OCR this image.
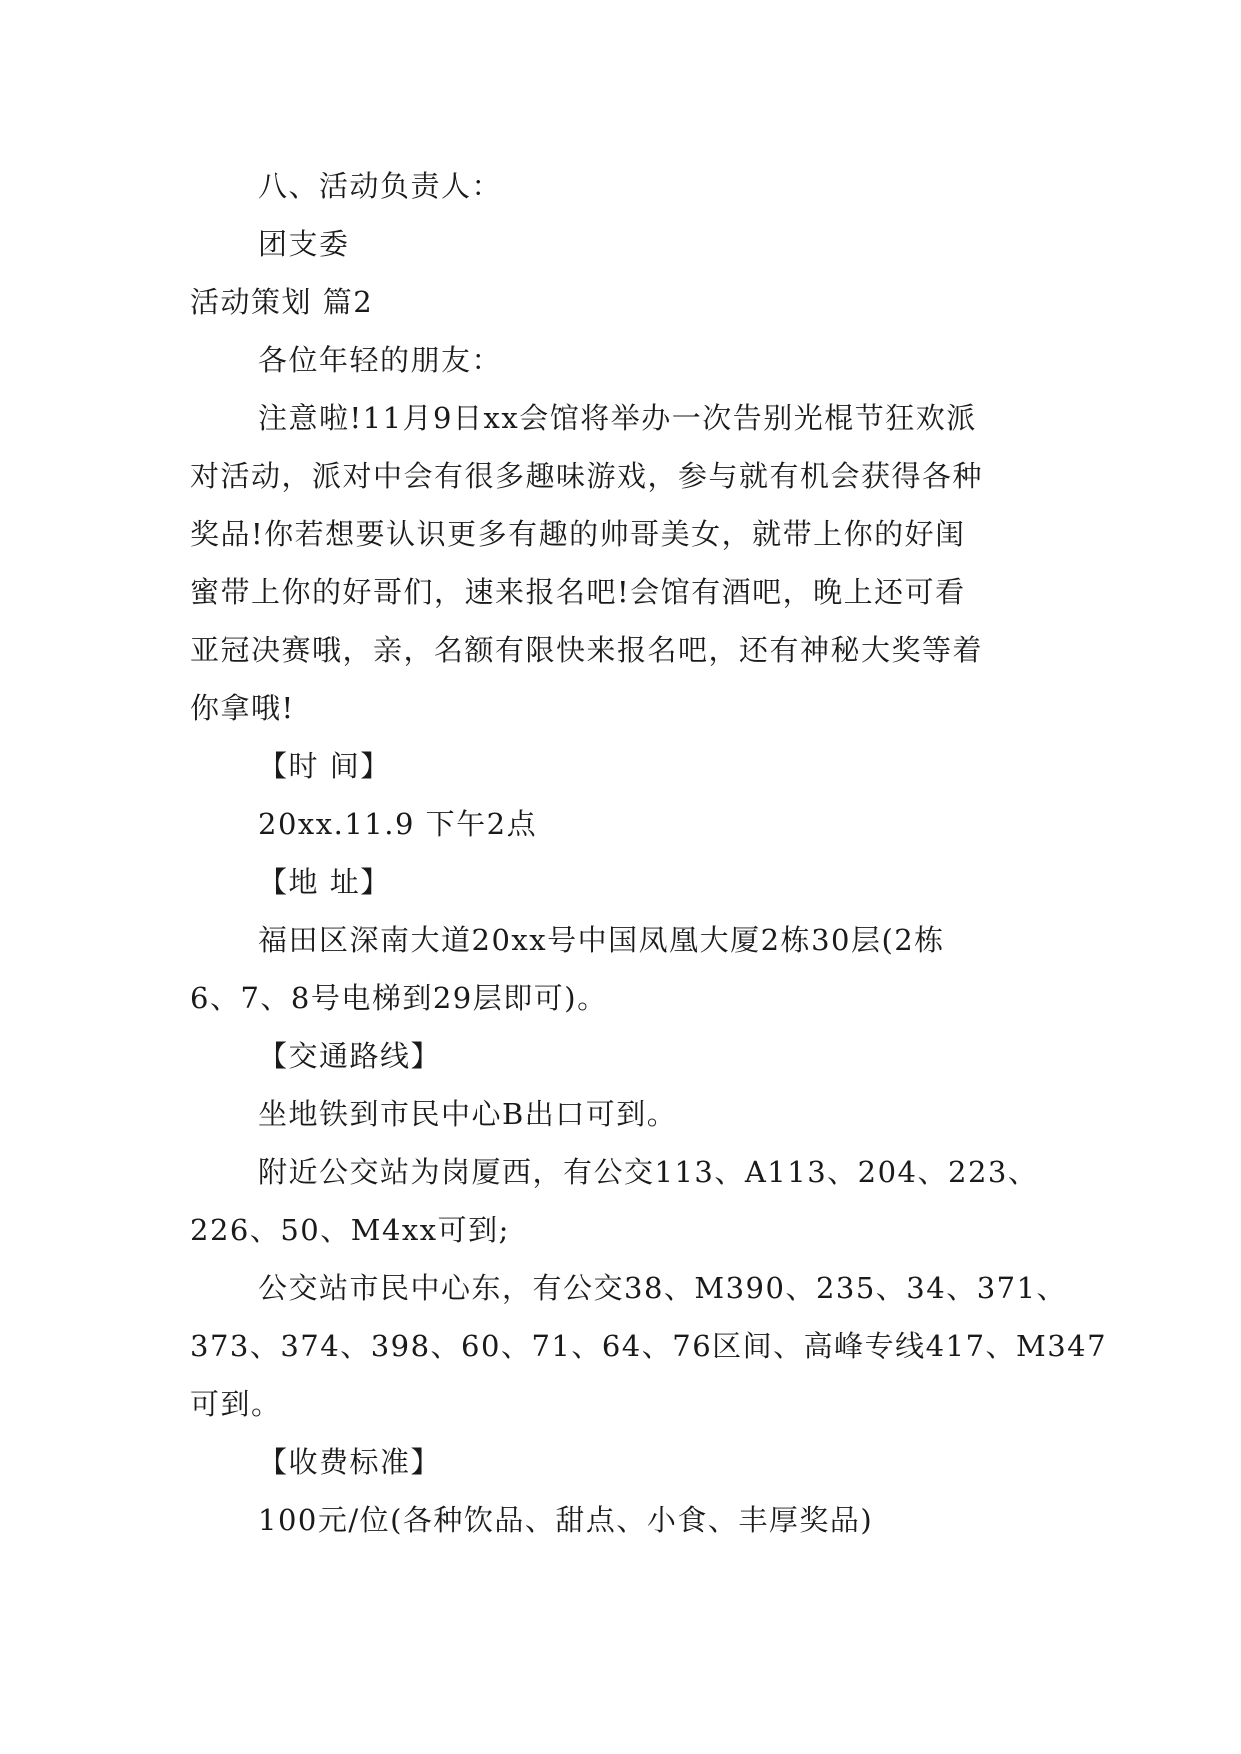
八、活动负责人：
团支委
活动策划 篇2
各位年轻的朋友：
注意啦!11月9日xx会馆将举办一次告别光棍节狂欢派
对活动，派对中会有很多趣味游戏，参与就有机会获得各种
奖品!你若想要认识更多有趣的帅哥美女，就带上你的好闺
蜜带上你的好哥们，速来报名吧!会馆有酒吧，晚上还可看
亚冠决赛哦，亲，名额有限快来报名吧，还有神秘大奖等着
你拿哦!
【时 间】
20xx.11.9 下午2点
【地 址】
福田区深南大道20xx号中国凤凰大厦2栋30层(2栋
6、7、8号电梯到29层即可)。
【交通路线】
坐地铁到市民中心B出口可到。
附近公交站为岗厦西，有公交113、A113、204、223、
226、50、M4xx可到;
公交站市民中心东，有公交38、M390、235、34、371、
373、374、398、60、71、64、76区间、高峰专线417、M347
可到。
【收费标准】
100元/位(各种饮品、甜点、小食、丰厚奖品)
